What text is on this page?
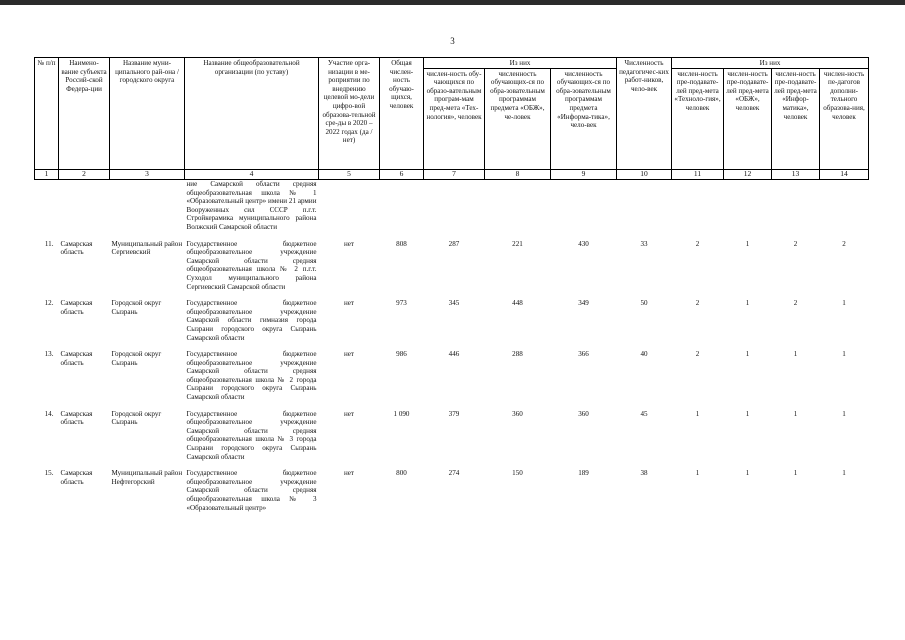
3
№ п/п	Наимено-вание субъекта Россий-ской Федера-ции	Название муни-ципального рай-она / городского округа	Название общеобразовательной организации (по уставу)	Участие орга-низации в ме-роприятии по внедрению целевой мо-дели цифро-вой образова-тельной сре-ды в 2020 – 2022 годах (да / нет)	Общая числен-ность обучаю-щихся, человек	Из них			Численность педагогичес-ких работ-ников, чело-век	Из них			
						числен-ность обу-чающихся по образо-вательным програм-мам пред-мета «Тех-нология», человек	численность обучающих-ся по обра-зовательным программам предмета «ОБЖ», че-ловек	численность обучающих-ся по обра-зовательным программам предмета «Информа-тика», чело-век		числен-ность пре-подавате-лей пред-мета «Техноло-гия», человек	числен-ность пре-подавате-лей пред-мета «ОБЖ», человек	числен-ность пре-подавате-лей пред-мета «Инфор-матика», человек	числен-ность пе-дагогов дополни-тельного образова-ния, человек
1	2	3	4	5	6	7	8	9	10	11	12	13	14
			ние Самарской области средняя общеобразовательная школа № 1 «Образовательный центр» имени 21 армии Вооруженных сил СССР п.г.т. Стройкерамика муниципального района Волжский Самарской области										
11.	Самарская область	Муниципальный район Сергиевский	Государственное бюджетное общеобразовательное учреждение Самарской области средняя общеобразовательная школа № 2 п.г.т. Суходол муниципального района Сергиевский Самарской области	нет	808	287	221	430	33	2	1	2	2
12.	Самарская область	Городской округ Сызрань	Государственное бюджетное общеобразовательное учреждение Самарской области гимназия города Сызрани городского округа Сызрань Самарской области	нет	973	345	448	349	50	2	1	2	1
13.	Самарская область	Городской округ Сызрань	Государственное бюджетное общеобразовательное учреждение Самарской области средняя общеобразовательная школа № 2 города Сызрани городского округа Сызрань Самарской области	нет	986	446	288	366	40	2	1	1	1
14.	Самарская область	Городской округ Сызрань	Государственное бюджетное общеобразовательное учреждение Самарской области средняя общеобразовательная школа № 3 города Сызрани городского округа Сызрань Самарской области	нет	1 090	379	360	360	45	1	1	1	1
15.	Самарская область	Муниципальный район Нефтегорский	Государственное бюджетное общеобразовательное учреждение Самарской области средняя общеобразовательная школа № 3 «Образовательный центр»	нет	800	274	150	189	38	1	1	1	1
